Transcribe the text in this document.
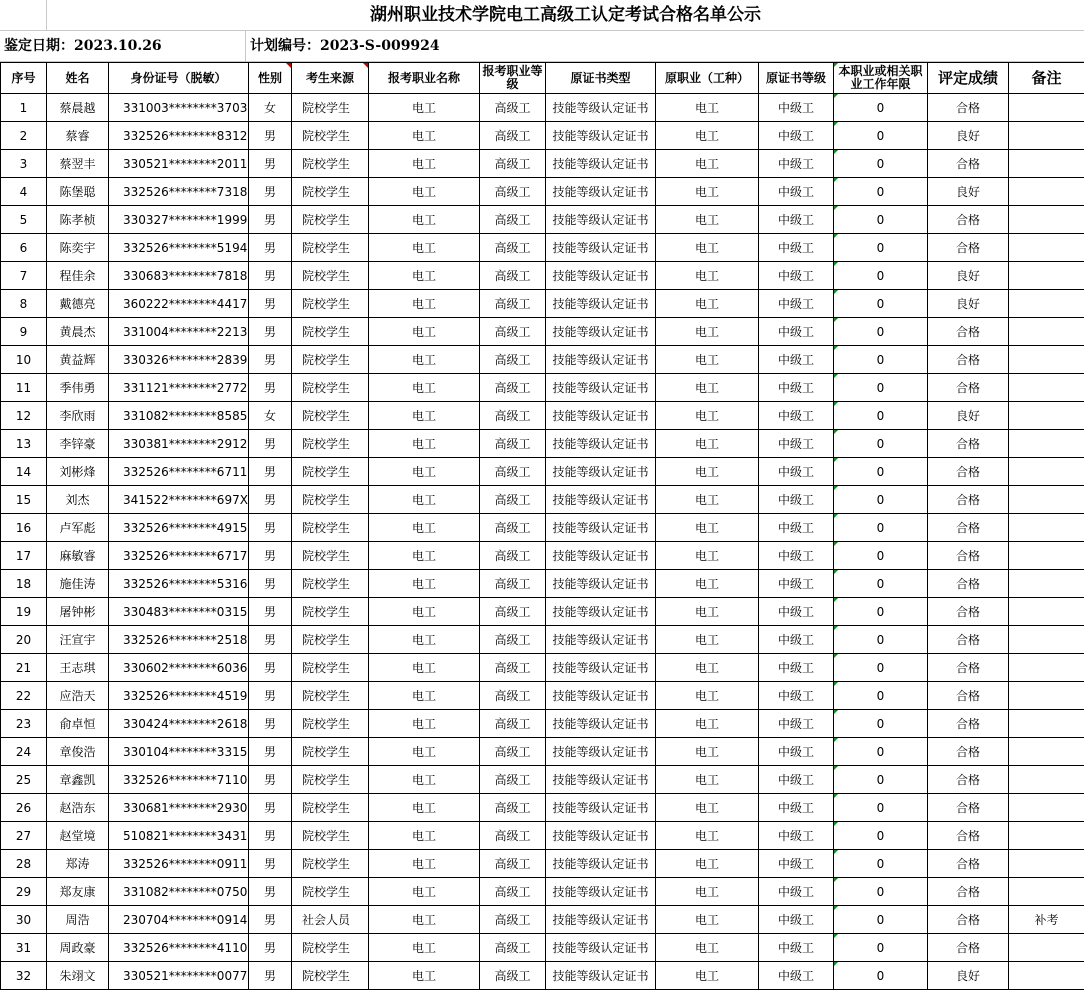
湖州职业技术学院电工高级工认定考试合格名单公示
鉴定日期：2023.10.26	计划编号：2023-S-009924
序号	姓名	身份证号（脱敏）	性别	考生来源	报考职业名称	报考职业等级	原证书类型	原职业（工种）	原证书等级	本职业或相关职业工作年限	评定成绩	备注
1	蔡晨越	331003********3703	女	院校学生	电工	高级工	技能等级认定证书	电工	中级工	0	合格	
2	蔡睿	332526********8312	男	院校学生	电工	高级工	技能等级认定证书	电工	中级工	0	良好	
3	蔡翌丰	330521********2011	男	院校学生	电工	高级工	技能等级认定证书	电工	中级工	0	合格	
4	陈堡聪	332526********7318	男	院校学生	电工	高级工	技能等级认定证书	电工	中级工	0	良好	
5	陈孝桢	330327********1999	男	院校学生	电工	高级工	技能等级认定证书	电工	中级工	0	合格	
6	陈奕宇	332526********5194	男	院校学生	电工	高级工	技能等级认定证书	电工	中级工	0	合格	
7	程佳余	330683********7818	男	院校学生	电工	高级工	技能等级认定证书	电工	中级工	0	良好	
8	戴德亮	360222********4417	男	院校学生	电工	高级工	技能等级认定证书	电工	中级工	0	良好	
9	黄晨杰	331004********2213	男	院校学生	电工	高级工	技能等级认定证书	电工	中级工	0	合格	
10	黄益辉	330326********2839	男	院校学生	电工	高级工	技能等级认定证书	电工	中级工	0	合格	
11	季伟勇	331121********2772	男	院校学生	电工	高级工	技能等级认定证书	电工	中级工	0	合格	
12	李欣雨	331082********8585	女	院校学生	电工	高级工	技能等级认定证书	电工	中级工	0	良好	
13	李锌豪	330381********2912	男	院校学生	电工	高级工	技能等级认定证书	电工	中级工	0	合格	
14	刘彬烽	332526********6711	男	院校学生	电工	高级工	技能等级认定证书	电工	中级工	0	合格	
15	刘杰	341522********697X	男	院校学生	电工	高级工	技能等级认定证书	电工	中级工	0	合格	
16	卢军彪	332526********4915	男	院校学生	电工	高级工	技能等级认定证书	电工	中级工	0	合格	
17	麻敏睿	332526********6717	男	院校学生	电工	高级工	技能等级认定证书	电工	中级工	0	合格	
18	施佳涛	332526********5316	男	院校学生	电工	高级工	技能等级认定证书	电工	中级工	0	合格	
19	屠钟彬	330483********0315	男	院校学生	电工	高级工	技能等级认定证书	电工	中级工	0	合格	
20	汪宣宇	332526********2518	男	院校学生	电工	高级工	技能等级认定证书	电工	中级工	0	合格	
21	王志琪	330602********6036	男	院校学生	电工	高级工	技能等级认定证书	电工	中级工	0	合格	
22	应浩天	332526********4519	男	院校学生	电工	高级工	技能等级认定证书	电工	中级工	0	合格	
23	俞卓恒	330424********2618	男	院校学生	电工	高级工	技能等级认定证书	电工	中级工	0	合格	
24	章俊浩	330104********3315	男	院校学生	电工	高级工	技能等级认定证书	电工	中级工	0	合格	
25	章鑫凯	332526********7110	男	院校学生	电工	高级工	技能等级认定证书	电工	中级工	0	合格	
26	赵浩东	330681********2930	男	院校学生	电工	高级工	技能等级认定证书	电工	中级工	0	合格	
27	赵堂境	510821********3431	男	院校学生	电工	高级工	技能等级认定证书	电工	中级工	0	合格	
28	郑涛	332526********0911	男	院校学生	电工	高级工	技能等级认定证书	电工	中级工	0	合格	
29	郑友康	331082********0750	男	院校学生	电工	高级工	技能等级认定证书	电工	中级工	0	合格	
30	周浩	230704********0914	男	社会人员	电工	高级工	技能等级认定证书	电工	中级工	0	合格	补考
31	周政豪	332526********4110	男	院校学生	电工	高级工	技能等级认定证书	电工	中级工	0	合格	
32	朱翊文	330521********0077	男	院校学生	电工	高级工	技能等级认定证书	电工	中级工	0	良好	
